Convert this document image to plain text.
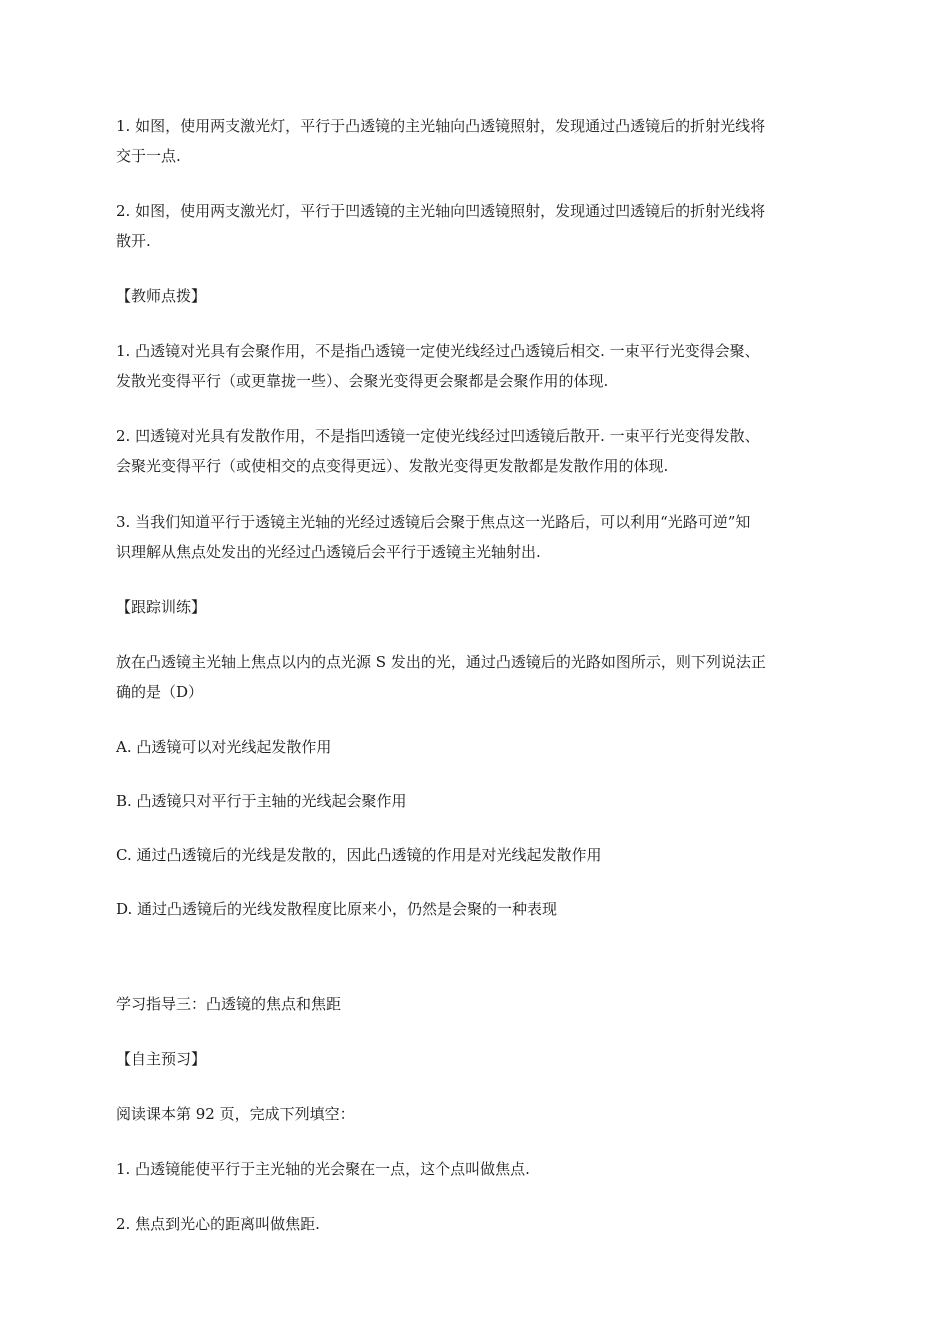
1. 如图，使用两支激光灯，平行于凸透镜的主光轴向凸透镜照射，发现通过凸透镜后的折射光线将
交于一点.
2. 如图，使用两支激光灯，平行于凹透镜的主光轴向凹透镜照射，发现通过凹透镜后的折射光线将
散开.
【教师点拨】
1. 凸透镜对光具有会聚作用，不是指凸透镜一定使光线经过凸透镜后相交. 一束平行光变得会聚、
发散光变得平行（或更靠拢一些）、会聚光变得更会聚都是会聚作用的体现.
2. 凹透镜对光具有发散作用，不是指凹透镜一定使光线经过凹透镜后散开. 一束平行光变得发散、
会聚光变得平行（或使相交的点变得更远）、发散光变得更发散都是发散作用的体现.
3. 当我们知道平行于透镜主光轴的光经过透镜后会聚于焦点这一光路后，可以利用“光路可逆”知
识理解从焦点处发出的光经过凸透镜后会平行于透镜主光轴射出.
【跟踪训练】
放在凸透镜主光轴上焦点以内的点光源 S 发出的光，通过凸透镜后的光路如图所示，则下列说法正
确的是（D）
A. 凸透镜可以对光线起发散作用
B. 凸透镜只对平行于主轴的光线起会聚作用
C. 通过凸透镜后的光线是发散的，因此凸透镜的作用是对光线起发散作用
D. 通过凸透镜后的光线发散程度比原来小，仍然是会聚的一种表现
学习指导三：凸透镜的焦点和焦距
【自主预习】
阅读课本第 92 页，完成下列填空：
1. 凸透镜能使平行于主光轴的光会聚在一点，这个点叫做焦点.
2. 焦点到光心的距离叫做焦距.
